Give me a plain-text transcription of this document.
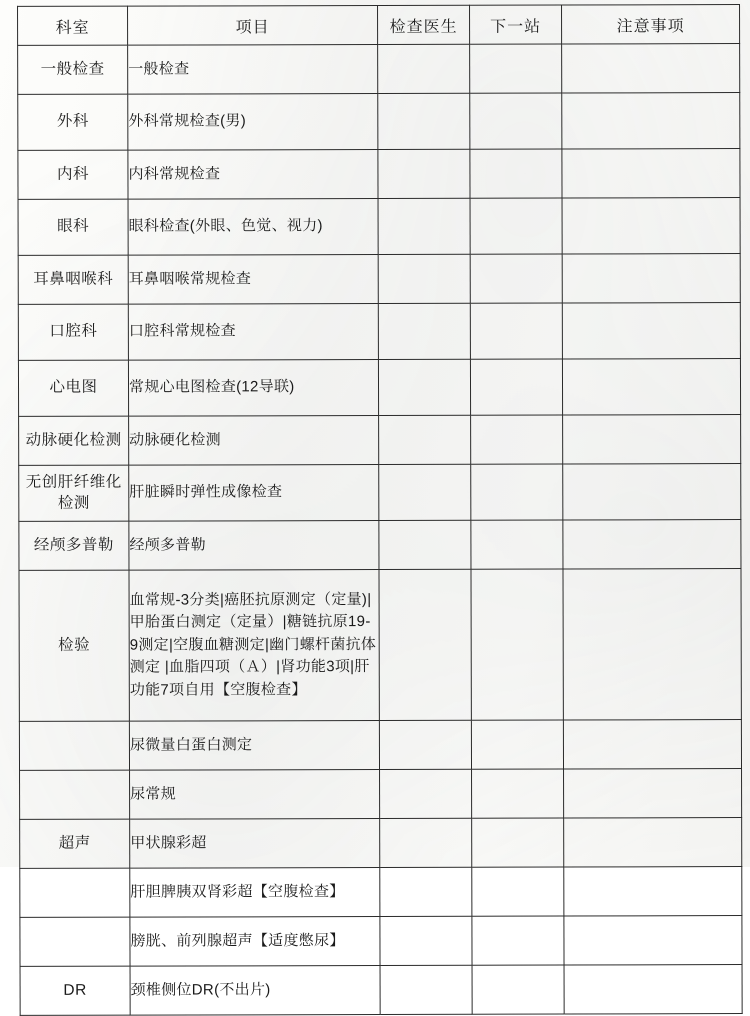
科室	项目	检查医生	下一站	注意事项
一般检查	一般检查			
外科	外科常规检查(男)			
内科	内科常规检查			
眼科	眼科检查(外眼、色觉、视力)			
耳鼻咽喉科	耳鼻咽喉常规检查			
口腔科	口腔科常规检查			
心电图	常规心电图检查(12导联)			
动脉硬化检测	动脉硬化检测			
无创肝纤维化检测	肝脏瞬时弹性成像检查			
经颅多普勒	经颅多普勒			
检验	血常规-3分类|癌胚抗原测定（定量)|甲胎蛋白测定（定量）|糖链抗原19-9测定|空腹血糖测定|幽门螺杆菌抗体测定 |血脂四项（Ａ）|肾功能3项|肝功能7项自用【空腹检查】			
	尿微量白蛋白测定			
	尿常规			
超声	甲状腺彩超			
	肝胆脾胰双肾彩超【空腹检查】			
	膀胱、前列腺超声【适度憋尿】			
DR	颈椎侧位DR(不出片)			
